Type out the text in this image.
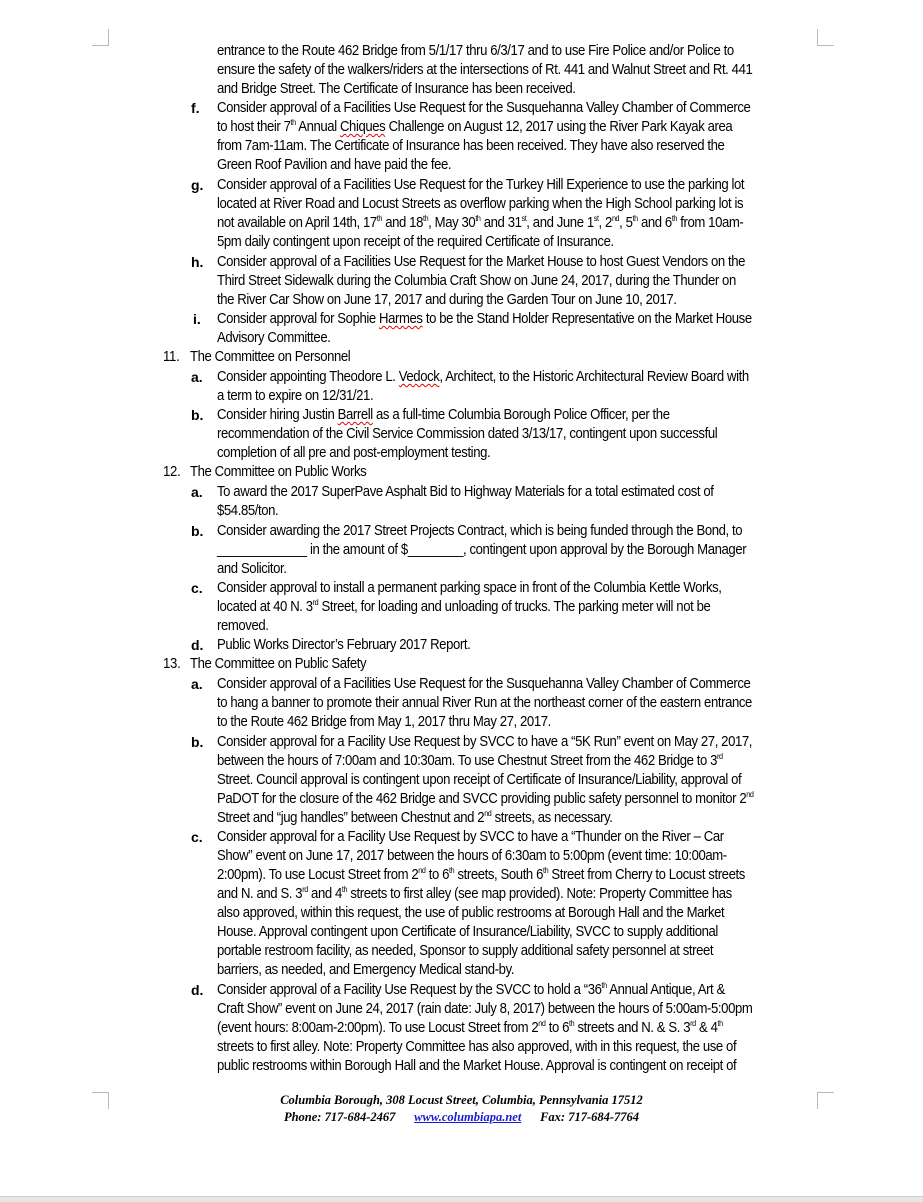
entrance to the Route 462 Bridge from 5/1/17 thru 6/3/17 and to use Fire Police and/or Police to
ensure the safety of the walkers/riders at the intersections of Rt. 441 and Walnut Street and Rt. 441
and Bridge Street. The Certificate of Insurance has been received.
f. Consider approval of a Facilities Use Request for the Susquehanna Valley Chamber of Commerce
to host their 7th Annual Chiques Challenge on August 12, 2017 using the River Park Kayak area
from 7am-11am. The Certificate of Insurance has been received. They have also reserved the
Green Roof Pavilion and have paid the fee.
g. Consider approval of a Facilities Use Request for the Turkey Hill Experience to use the parking lot
located at River Road and Locust Streets as overflow parking when the High School parking lot is
not available on April 14th, 17th and 18th, May 30th and 31st, and June 1st, 2nd, 5th and 6th from 10am-
5pm daily contingent upon receipt of the required Certificate of Insurance.
h. Consider approval of a Facilities Use Request for the Market House to host Guest Vendors on the
Third Street Sidewalk during the Columbia Craft Show on June 24, 2017, during the Thunder on
the River Car Show on June 17, 2017 and during the Garden Tour on June 10, 2017.
i. Consider approval for Sophie Harmes to be the Stand Holder Representative on the Market House
Advisory Committee.
11. The Committee on Personnel
a. Consider appointing Theodore L. Vedock, Architect, to the Historic Architectural Review Board with
a term to expire on 12/31/21.
b. Consider hiring Justin Barrell as a full-time Columbia Borough Police Officer, per the
recommendation of the Civil Service Commission dated 3/13/17, contingent upon successful
completion of all pre and post-employment testing.
12. The Committee on Public Works
a. To award the 2017 SuperPave Asphalt Bid to Highway Materials for a total estimated cost of
$54.85/ton.
b. Consider awarding the 2017 Street Projects Contract, which is being funded through the Bond, to
_____________ in the amount of $________, contingent upon approval by the Borough Manager
and Solicitor.
c. Consider approval to install a permanent parking space in front of the Columbia Kettle Works,
located at 40 N. 3rd Street, for loading and unloading of trucks. The parking meter will not be
removed.
d. Public Works Director’s February 2017 Report.
13. The Committee on Public Safety
a. Consider approval of a Facilities Use Request for the Susquehanna Valley Chamber of Commerce
to hang a banner to promote their annual River Run at the northeast corner of the eastern entrance
to the Route 462 Bridge from May 1, 2017 thru May 27, 2017.
b. Consider approval for a Facility Use Request by SVCC to have a “5K Run” event on May 27, 2017,
between the hours of 7:00am and 10:30am. To use Chestnut Street from the 462 Bridge to 3rd
Street. Council approval is contingent upon receipt of Certificate of Insurance/Liability, approval of
PaDOT for the closure of the 462 Bridge and SVCC providing public safety personnel to monitor 2nd
Street and “jug handles” between Chestnut and 2nd streets, as necessary.
c. Consider approval for a Facility Use Request by SVCC to have a “Thunder on the River – Car
Show” event on June 17, 2017 between the hours of 6:30am to 5:00pm (event time: 10:00am-
2:00pm). To use Locust Street from 2nd to 6th streets, South 6th Street from Cherry to Locust streets
and N. and S. 3rd and 4th streets to first alley (see map provided). Note: Property Committee has
also approved, within this request, the use of public restrooms at Borough Hall and the Market
House. Approval contingent upon Certificate of Insurance/Liability, SVCC to supply additional
portable restroom facility, as needed, Sponsor to supply additional safety personnel at street
barriers, as needed, and Emergency Medical stand-by.
d. Consider approval of a Facility Use Request by the SVCC to hold a “36th Annual Antique, Art &
Craft Show” event on June 24, 2017 (rain date: July 8, 2017) between the hours of 5:00am-5:00pm
(event hours: 8:00am-2:00pm). To use Locust Street from 2nd to 6th streets and N. & S. 3rd & 4th
streets to first alley. Note: Property Committee has also approved, with in this request, the use of
public restrooms within Borough Hall and the Market House. Approval is contingent on receipt of
Columbia Borough, 308 Locust Street, Columbia, Pennsylvania 17512
Phone: 717-684-2467 www.columbiapa.net Fax: 717-684-7764
